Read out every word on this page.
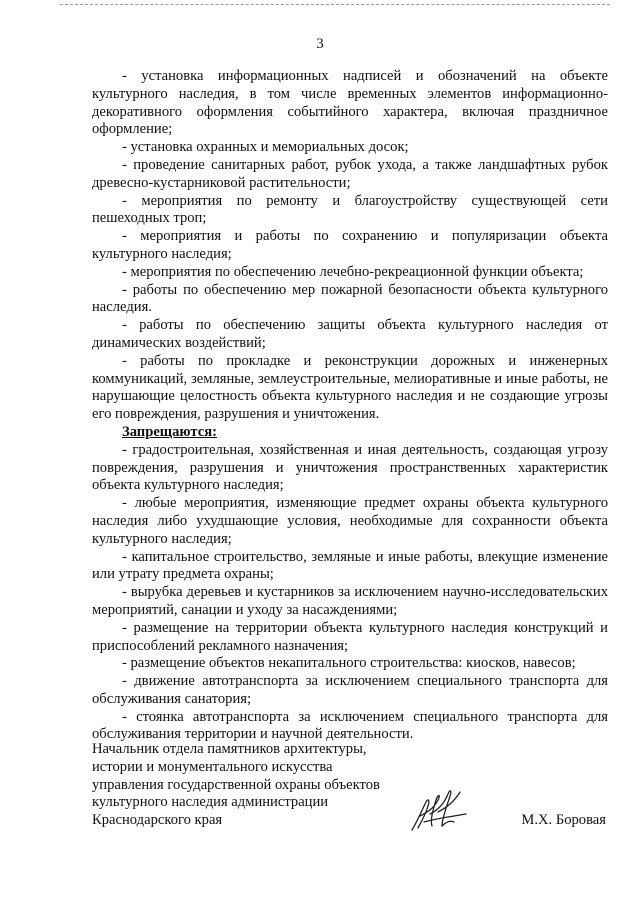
3

- установка информационных надписей и обозначений на объекте культурного наследия, в том числе временных элементов информационно-декоративного оформления событийного характера, включая праздничное оформление;

- установка охранных и мемориальных досок;

- проведение санитарных работ, рубок ухода, а также ландшафтных рубок древесно-кустарниковой растительности;

- мероприятия по ремонту и благоустройству существующей сети пешеходных троп;

- мероприятия и работы по сохранению и популяризации объекта культурного наследия;

- мероприятия по обеспечению лечебно-рекреационной функции объекта;

- работы по обеспечению мер пожарной безопасности объекта культурного наследия.

- работы по обеспечению защиты объекта культурного наследия от динамических воздействий;

- работы по прокладке и реконструкции дорожных и инженерных коммуникаций, земляные, землеустроительные, мелиоративные и иные работы, не нарушающие целостность объекта культурного наследия и не создающие угрозы его повреждения, разрушения и уничтожения.

Запрещаются:

- градостроительная, хозяйственная и иная деятельность, создающая угрозу повреждения, разрушения и уничтожения пространственных характеристик объекта культурного наследия;

- любые мероприятия, изменяющие предмет охраны объекта культурного наследия либо ухудшающие условия, необходимые для сохранности объекта культурного наследия;

- капитальное строительство, земляные и иные работы, влекущие изменение или утрату предмета охраны;

- вырубка деревьев и кустарников за исключением научно-исследовательских мероприятий, санации и уходу за насаждениями;

- размещение на территории объекта культурного наследия конструкций и приспособлений рекламного назначения;

- размещение объектов некапитального строительства: киосков, навесов;

- движение автотранспорта за исключением специального транспорта для обслуживания санатория;

- стоянка автотранспорта за исключением специального транспорта для обслуживания территории и научной деятельности.

Начальник отдела памятников архитектуры,
истории и монументального искусства
управления государственной охраны объектов
культурного наследия администрации
Краснодарского края	М.Х. Боровая
